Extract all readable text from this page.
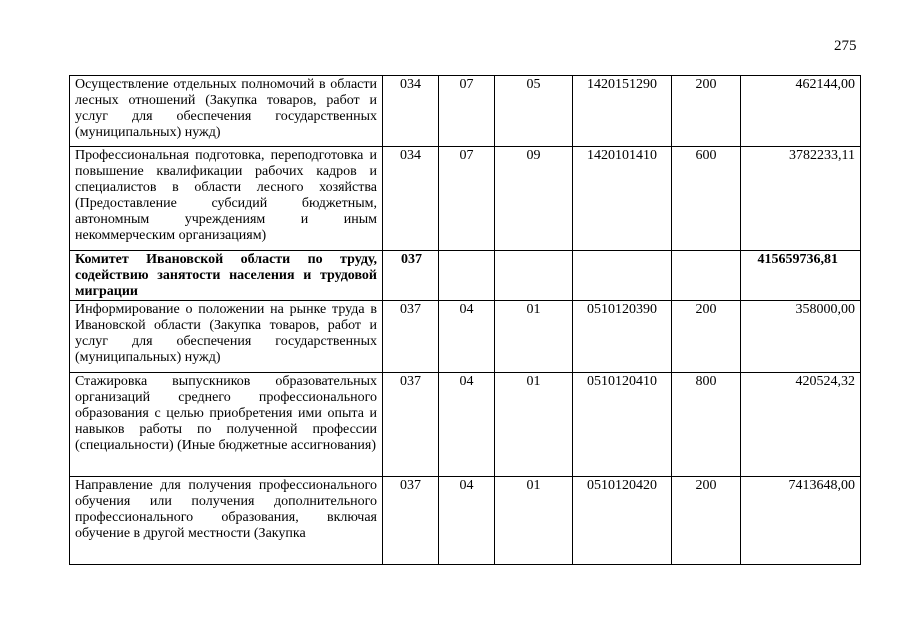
275
Осуществление отдельных полномочий в области лесных отношений (Закупка товаров, работ и услуг для обеспечения государственных (муниципальных) нужд)	034	07	05	1420151290	200	462144,00
Профессиональная подготовка, переподготовка и повышение квалификации рабочих кадров и специалистов в области лесного хозяйства (Предоставление субсидий бюджетным, автономным учреждениям и иным некоммерческим организациям)	034	07	09	1420101410	600	3782233,11
Комитет Ивановской области по труду, содействию занятости населения и трудовой миграции	037					415659736,81
Информирование о положении на рынке труда в Ивановской области (Закупка товаров, работ и услуг для обеспечения государственных (муниципальных) нужд)	037	04	01	0510120390	200	358000,00
Стажировка выпускников образовательных организаций среднего профессионального образования с целью приобретения ими опыта и навыков работы по полученной профессии (специальности) (Иные бюджетные ассигнования)	037	04	01	0510120410	800	420524,32

Направление для получения профессионального обучения или получения дополнительного профессионального образования, включая обучение в другой местности (Закупка	037	04	01	0510120420	200	7413648,00
